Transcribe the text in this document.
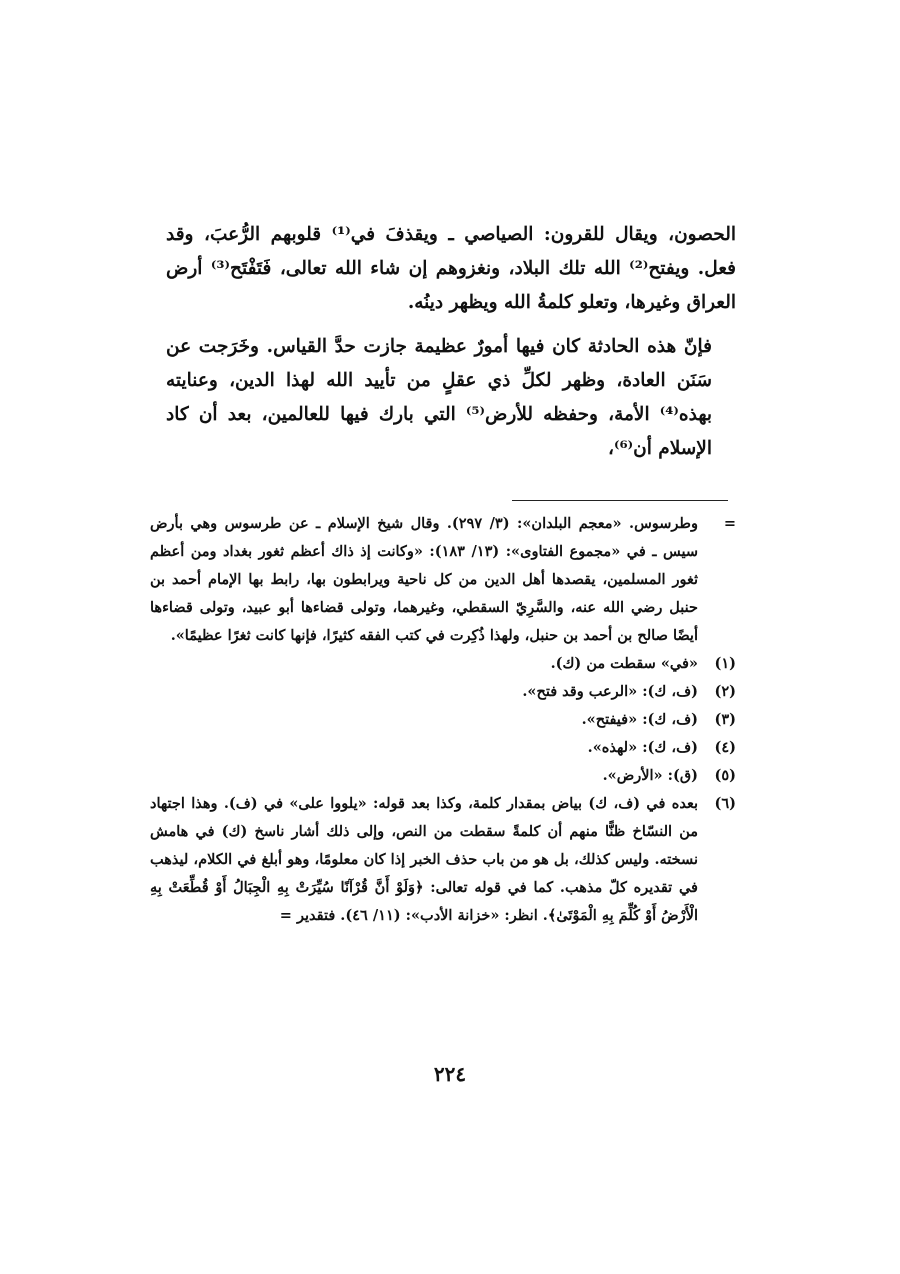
الحصون، ويقال للقرون: الصياصي ـ ويقذفَ في⁽¹⁾ قلوبهم الرُّعبَ، وقد فعل. ويفتح⁽²⁾ الله تلك البلاد، ونغزوهم إن شاء الله تعالى، فَتَفْتَح⁽³⁾ أرض العراق وغيرها، وتعلو كلمةُ الله ويظهر دينُه.

فإنّ هذه الحادثة كان فيها أمورٌ عظيمة جازت حدَّ القياس. وخَرَجت عن سَنَن العادة، وظهر لكلِّ ذي عقلٍ من تأييد الله لهذا الدين، وعنايته بهذه⁽⁴⁾ الأمة، وحفظه للأرض⁽⁵⁾ التي بارك فيها للعالمين، بعد أن كاد الإسلام أن⁽⁶⁾،

=
وطرسوس. «معجم البلدان»: (٣/ ٢٩٧). وقال شيخ الإسلام ـ عن طرسوس وهي بأرض سيس ـ في «مجموع الفتاوى»: (١٣/ ١٨٣): «وكانت إذ ذاك أعظم ثغور بغداد ومن أعظم ثغور المسلمين، يقصدها أهل الدين من كل ناحية ويرابطون بها، رابط بها الإمام أحمد بن حنبل رضي الله عنه، والسَّرِيّ السقطي، وغيرهما، وتولى قضاءها أبو عبيد، وتولى قضاءها أيضًا صالح بن أحمد بن حنبل، ولهذا ذُكِرت في كتب الفقه كثيرًا، فإنها كانت ثغرًا عظيمًا».
(١)
«في» سقطت من (ك).
(٢)
(ف، ك): «الرعب وقد فتح».
(٣)
(ف، ك): «فيفتح».
(٤)
(ف، ك): «لهذه».
(٥)
(ق): «الأرض».
(٦)
بعده في (ف، ك) بياض بمقدار كلمة، وكذا بعد قوله: «يلووا على» في (ف). وهذا اجتهاد من النسّاخ ظنًّا منهم أن كلمةً سقطت من النص، وإلى ذلك أشار ناسخ (ك) في هامش نسخته. وليس كذلك، بل هو من باب حذف الخبر إذا كان معلومًا، وهو أبلغ في الكلام، ليذهب في تقديره كلّ مذهب. كما في قوله تعالى: ﴿وَلَوْ أَنَّ قُرْآنًا سُيِّرَتْ بِهِ الْجِبَالُ أَوْ قُطِّعَتْ بِهِ الْأَرْضُ أَوْ كُلِّمَ بِهِ الْمَوْتَىٰ﴾. انظر: «خزانة الأدب»: (١١/ ٤٦). فتقدير =
٢٢٤
